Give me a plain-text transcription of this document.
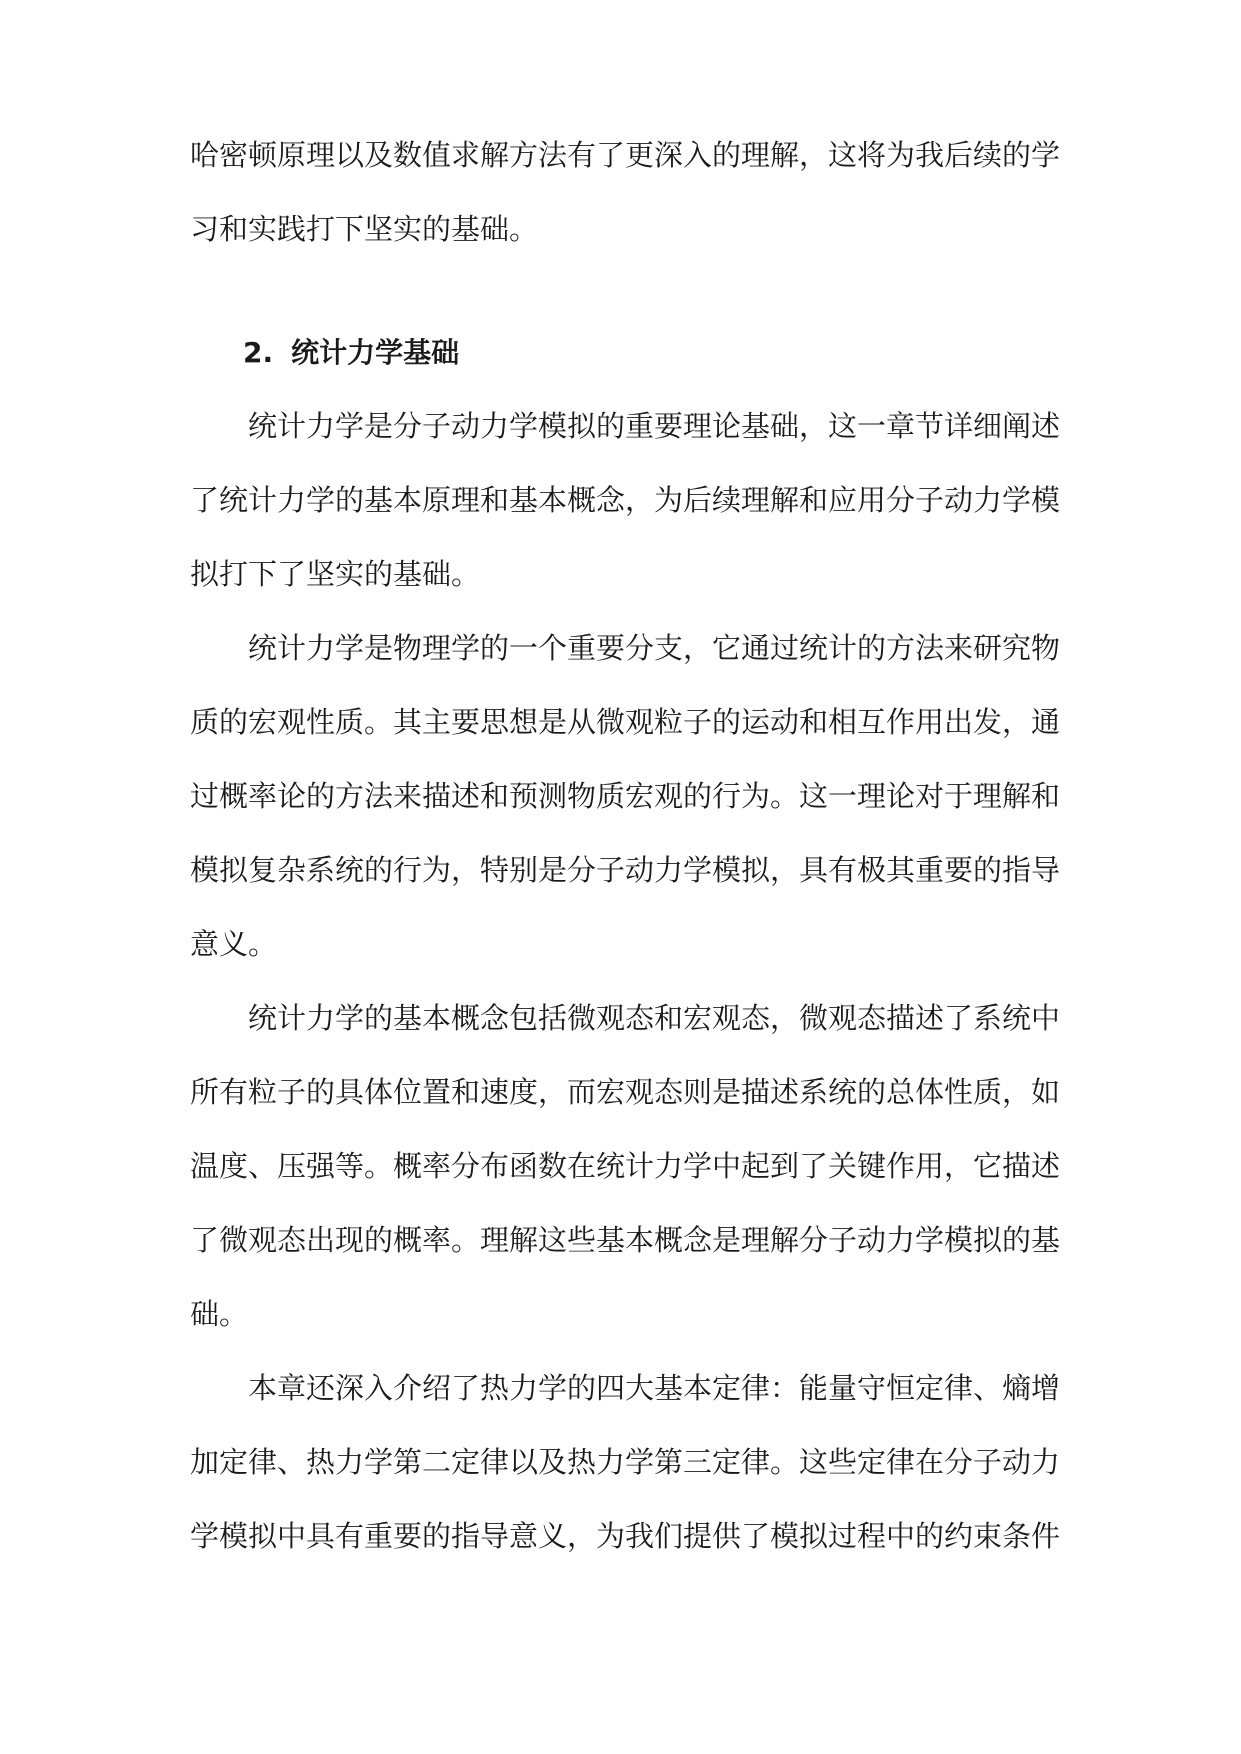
哈密顿原理以及数值求解方法有了更深入的理解，这将为我后续的学
习和实践打下坚实的基础。
2. 统计力学基础
统计力学是分子动力学模拟的重要理论基础，这一章节详细阐述
了统计力学的基本原理和基本概念，为后续理解和应用分子动力学模
拟打下了坚实的基础。
统计力学是物理学的一个重要分支，它通过统计的方法来研究物
质的宏观性质。其主要思想是从微观粒子的运动和相互作用出发，通
过概率论的方法来描述和预测物质宏观的行为。这一理论对于理解和
模拟复杂系统的行为，特别是分子动力学模拟，具有极其重要的指导
意义。
统计力学的基本概念包括微观态和宏观态，微观态描述了系统中
所有粒子的具体位置和速度，而宏观态则是描述系统的总体性质，如
温度、压强等。概率分布函数在统计力学中起到了关键作用，它描述
了微观态出现的概率。理解这些基本概念是理解分子动力学模拟的基
础。
本章还深入介绍了热力学的四大基本定律：能量守恒定律、熵增
加定律、热力学第二定律以及热力学第三定律。这些定律在分子动力
学模拟中具有重要的指导意义，为我们提供了模拟过程中的约束条件
